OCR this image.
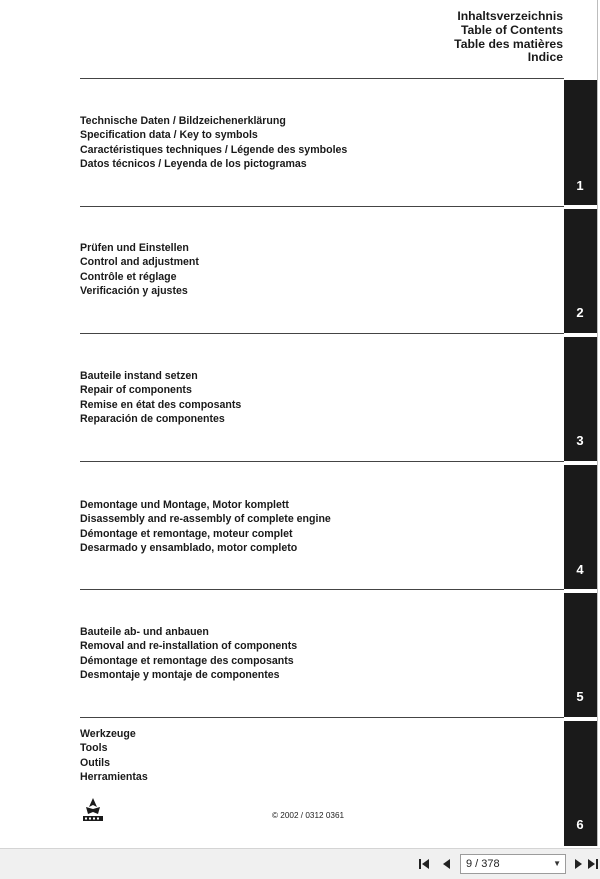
Inhaltsverzeichnis
Table of Contents
Table des matières
Indice
1
Technische Daten / Bildzeichenerklärung
Specification data / Key to symbols
Caractéristiques techniques / Légende des symboles
Datos técnicos / Leyenda de los pictogramas
2
Prüfen und Einstellen
Control and adjustment
Contrôle et réglage
Verificación y ajustes
3
Bauteile instand setzen
Repair of components
Remise en état des composants
Reparación de componentes
4
Demontage und Montage, Motor komplett
Disassembly and re-assembly of complete engine
Démontage et remontage, moteur complet
Desarmado y ensamblado, motor completo
5
Bauteile ab- und anbauen
Removal and re-installation of components
Démontage et remontage des composants
Desmontaje y montaje de componentes
6
Werkzeuge
Tools
Outils
Herramientas
© 2002 / 0312 0361
9 / 378	▼
